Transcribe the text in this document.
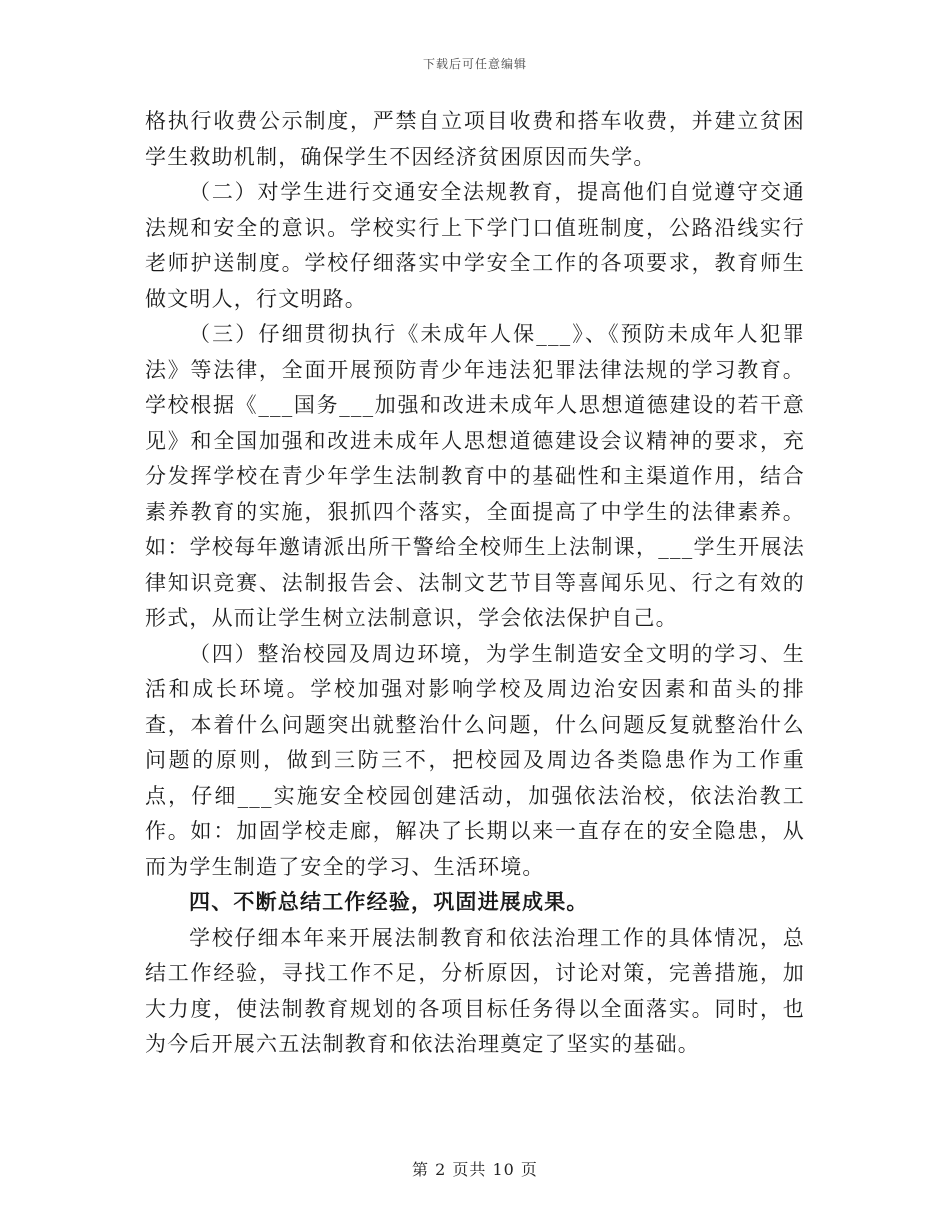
下载后可任意编辑

格执行收费公示制度，严禁自立项目收费和搭车收费，并建立贫困学生救助机制，确保学生不因经济贫困原因而失学。

（二）对学生进行交通安全法规教育，提高他们自觉遵守交通法规和安全的意识。学校实行上下学门口值班制度，公路沿线实行老师护送制度。学校仔细落实中学安全工作的各项要求，教育师生做文明人，行文明路。

（三）仔细贯彻执行《未成年人保___》、《预防未成年人犯罪法》等法律，全面开展预防青少年违法犯罪法律法规的学习教育。学校根据《___国务___加强和改进未成年人思想道德建设的若干意见》和全国加强和改进未成年人思想道德建设会议精神的要求，充分发挥学校在青少年学生法制教育中的基础性和主渠道作用，结合素养教育的实施，狠抓四个落实，全面提高了中学生的法律素养。如：学校每年邀请派出所干警给全校师生上法制课，___学生开展法律知识竞赛、法制报告会、法制文艺节目等喜闻乐见、行之有效的形式，从而让学生树立法制意识，学会依法保护自己。

（四）整治校园及周边环境，为学生制造安全文明的学习、生活和成长环境。学校加强对影响学校及周边治安因素和苗头的排查，本着什么问题突出就整治什么问题，什么问题反复就整治什么问题的原则，做到三防三不，把校园及周边各类隐患作为工作重点，仔细___实施安全校园创建活动，加强依法治校，依法治教工作。如：加固学校走廊，解决了长期以来一直存在的安全隐患，从而为学生制造了安全的学习、生活环境。

四、不断总结工作经验，巩固进展成果。

学校仔细本年来开展法制教育和依法治理工作的具体情况，总结工作经验，寻找工作不足，分析原因，讨论对策，完善措施，加大力度，使法制教育规划的各项目标任务得以全面落实。同时，也为今后开展六五法制教育和依法治理奠定了坚实的基础。

第 2 页共 10 页
